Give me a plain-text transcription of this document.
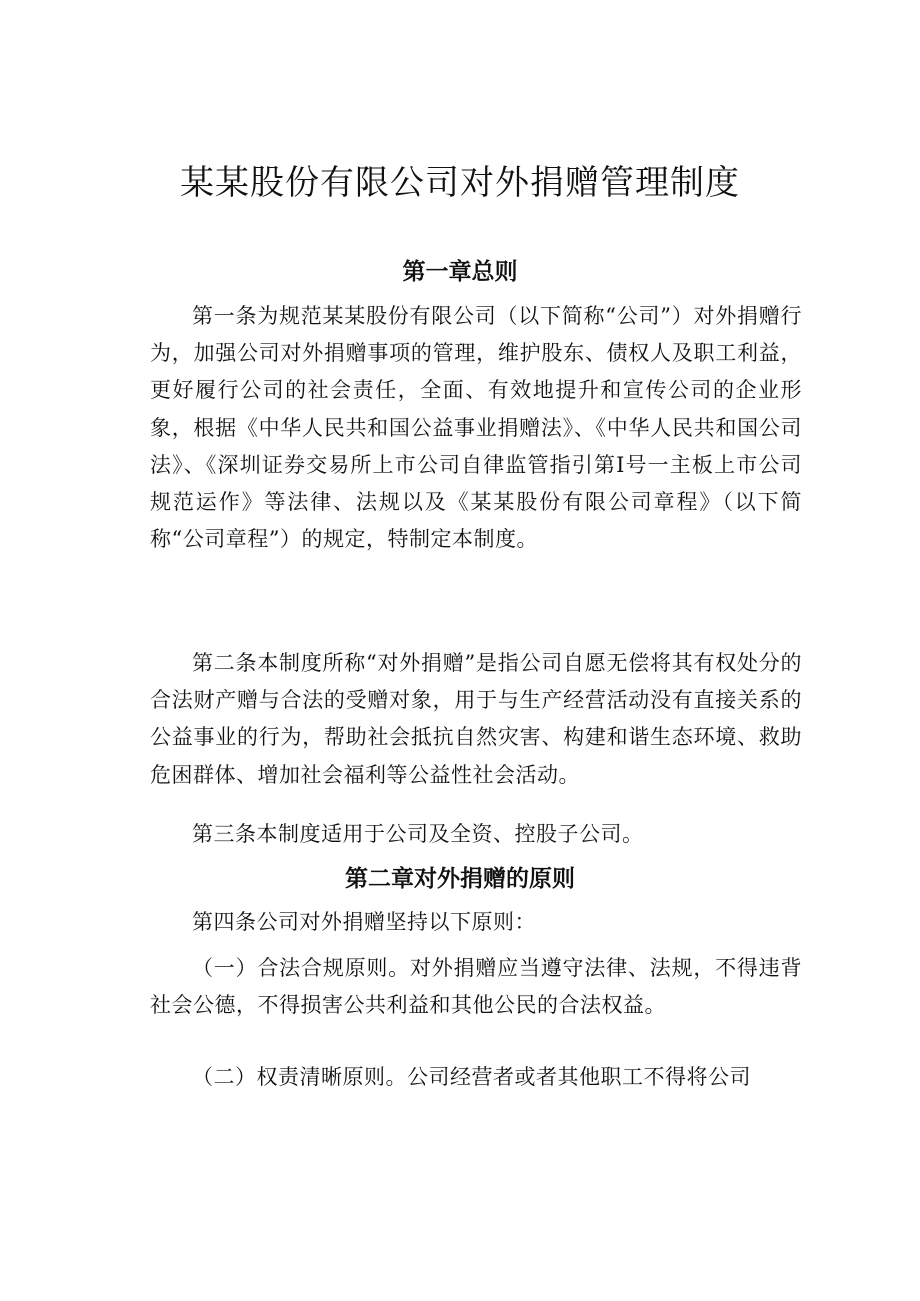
某某股份有限公司对外捐赠管理制度
第一章总则

第一条为规范某某股份有限公司（以下简称“公司”）对外捐赠行为，加强公司对外捐赠事项的管理，维护股东、债权人及职工利益，更好履行公司的社会责任，全面、有效地提升和宣传公司的企业形象，根据《中华人民共和国公益事业捐赠法》、《中华人民共和国公司法》、《深圳证券交易所上市公司自律监管指引第I号一主板上市公司规范运作》等法律、法规以及《某某股份有限公司章程》（以下简称“公司章程”）的规定，特制定本制度。

第二条本制度所称“对外捐赠”是指公司自愿无偿将其有权处分的合法财产赠与合法的受赠对象，用于与生产经营活动没有直接关系的公益事业的行为，帮助社会抵抗自然灾害、构建和谐生态环境、救助危困群体、增加社会福利等公益性社会活动。

第三条本制度适用于公司及全资、控股子公司。

第二章对外捐赠的原则

第四条公司对外捐赠坚持以下原则：

（一）合法合规原则。对外捐赠应当遵守法律、法规，不得违背社会公德，不得损害公共利益和其他公民的合法权益。

（二）权责清晰原则。公司经营者或者其他职工不得将公司
